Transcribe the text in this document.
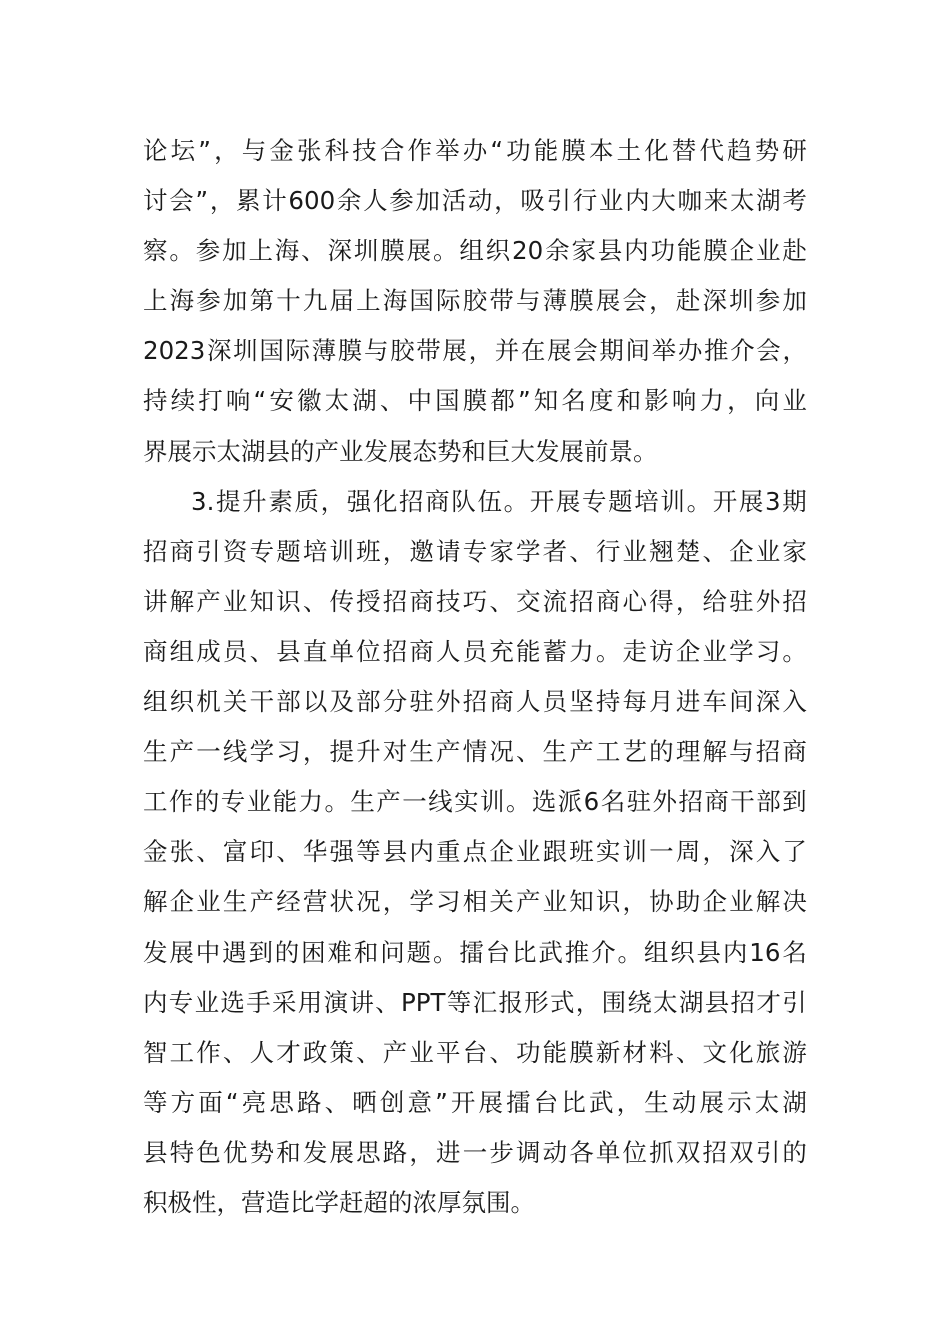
论 坛 ” ， 与 金 张 科 技 合 作 举 办 “ 功 能 膜 本 土 化 替 代 趋 势 研
讨 会 ” ， 累 计 600 余 人 参 加 活 动 ， 吸 引 行 业 内 大 咖 来 太 湖 考
察 。 参 加 上 海 、 深 圳 膜 展 。 组 织 20 余 家 县 内 功 能 膜 企 业 赴
上 海 参 加 第 十 九 届 上 海 国 际 胶 带 与 薄 膜 展 会 ， 赴 深 圳 参 加
2023 深 圳 国 际 薄 膜 与 胶 带 展 ， 并 在 展 会 期 间 举 办 推 介 会 ，
持 续 打 响 “ 安 徽 太 湖 、 中 国 膜 都 ” 知 名 度 和 影 响 力 ， 向 业
界展示太湖县的产业发展态势和巨大发展前景。
3. 提 升 素 质 ， 强 化 招 商 队 伍 。 开 展 专 题 培 训 。 开 展 3 期
招 商 引 资 专 题 培 训 班 ， 邀 请 专 家 学 者 、 行 业 翘 楚 、 企 业 家
讲 解 产 业 知 识 、 传 授 招 商 技 巧 、 交 流 招 商 心 得 ， 给 驻 外 招
商 组 成 员 、 县 直 单 位 招 商 人 员 充 能 蓄 力 。 走 访 企 业 学 习 。
组 织 机 关 干 部 以 及 部 分 驻 外 招 商 人 员 坚 持 每 月 进 车 间 深 入
生 产 一 线 学 习 ， 提 升 对 生 产 情 况 、 生 产 工 艺 的 理 解 与 招 商
工 作 的 专 业 能 力 。 生 产 一 线 实 训 。 选 派 6 名 驻 外 招 商 干 部 到
金 张 、 富 印 、 华 强 等 县 内 重 点 企 业 跟 班 实 训 一 周 ， 深 入 了
解 企 业 生 产 经 营 状 况 ， 学 习 相 关 产 业 知 识 ， 协 助 企 业 解 决
发 展 中 遇 到 的 困 难 和 问 题 。 擂 台 比 武 推 介 。 组 织 县 内 16 名
内 专 业 选 手 采 用 演 讲 、 PPT 等 汇 报 形 式 ， 围 绕 太 湖 县 招 才 引
智 工 作 、 人 才 政 策 、 产 业 平 台 、 功 能 膜 新 材 料 、 文 化 旅 游
等 方 面 “ 亮 思 路 、 晒 创 意 ” 开 展 擂 台 比 武 ， 生 动 展 示 太 湖
县 特 色 优 势 和 发 展 思 路 ， 进 一 步 调 动 各 单 位 抓 双 招 双 引 的
积极性，营造比学赶超的浓厚氛围。
